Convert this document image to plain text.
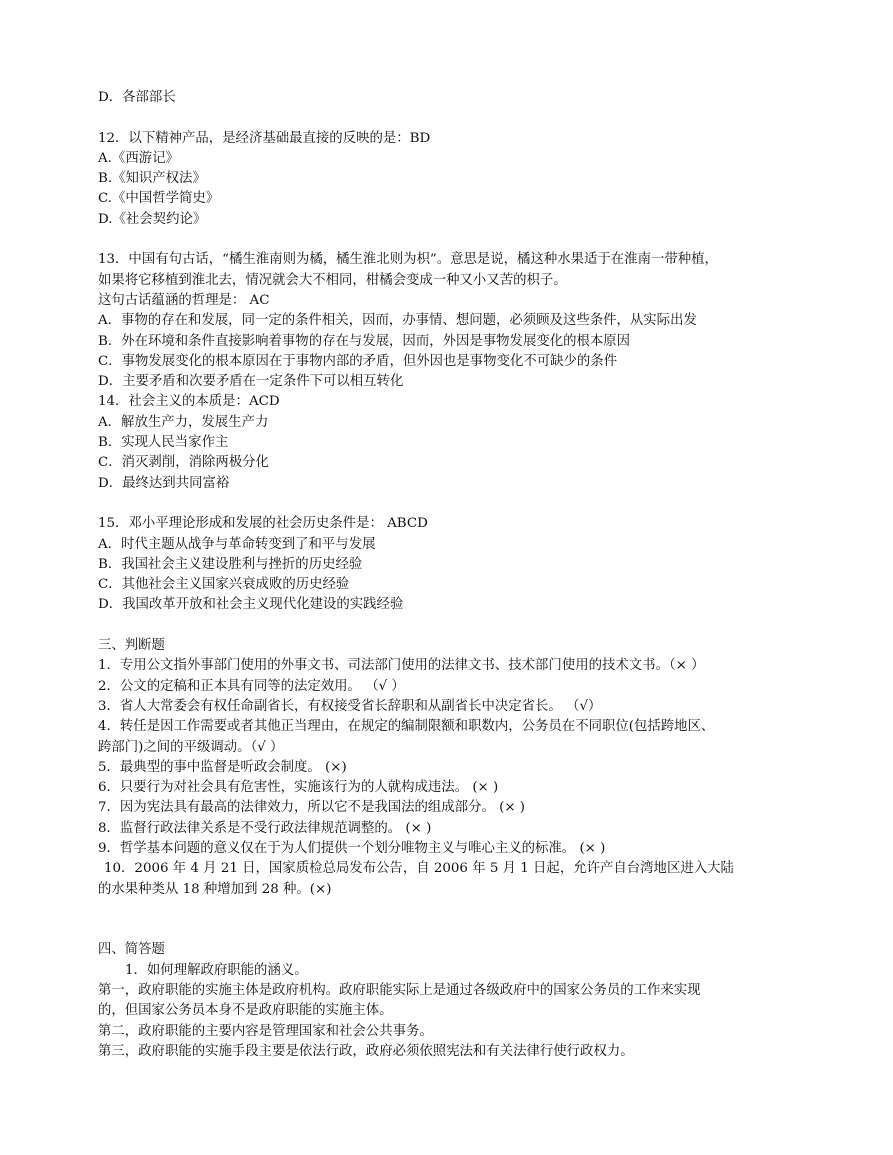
D．各部部长

12．以下精神产品，是经济基础最直接的反映的是：BD

A.《西游记》

B.《知识产权法》

C.《中国哲学简史》

D.《社会契约论》

13．中国有句古话，“橘生淮南则为橘，橘生淮北则为枳”。意思是说，橘这种水果适于在淮南一带种植，

如果将它移植到淮北去，情况就会大不相同，柑橘会变成一种又小又苦的枳子。

这句古话蕴涵的哲理是： AC

A．事物的存在和发展，同一定的条件相关，因而，办事情、想问题，必须顾及这些条件，从实际出发

B．外在环境和条件直接影响着事物的存在与发展，因而，外因是事物发展变化的根本原因

C．事物发展变化的根本原因在于事物内部的矛盾，但外因也是事物变化不可缺少的条件

D．主要矛盾和次要矛盾在一定条件下可以相互转化

14．社会主义的本质是：ACD

A．解放生产力，发展生产力

B．实现人民当家作主

C．消灭剥削，消除两极分化

D．最终达到共同富裕

15．邓小平理论形成和发展的社会历史条件是： ABCD

A．时代主题从战争与革命转变到了和平与发展

B．我国社会主义建设胜利与挫折的历史经验

C．其他社会主义国家兴衰成败的历史经验

D．我国改革开放和社会主义现代化建设的实践经验

三、判断题

1．专用公文指外事部门使用的外事文书、司法部门使用的法律文书、技术部门使用的技术文书。（× ）

2．公文的定稿和正本具有同等的法定效用。 （√ ）

3．省人大常委会有权任命副省长，有权接受省长辞职和从副省长中决定省长。 （√）

4．转任是因工作需要或者其他正当理由，在规定的编制限额和职数内，公务员在不同职位(包括跨地区、

跨部门)之间的平级调动。（√ ）

5．最典型的事中监督是听政会制度。 (×)

6．只要行为对社会具有危害性，实施该行为的人就构成违法。 (× )

7．因为宪法具有最高的法律效力，所以它不是我国法的组成部分。 (× )

8．监督行政法律关系是不受行政法律规范调整的。 (× )

9．哲学基本问题的意义仅在于为人们提供一个划分唯物主义与唯心主义的标准。 (× )

10．2006 年 4 月 21 日，国家质检总局发布公告，自 2006 年 5 月 1 日起，允许产自台湾地区进入大陆

的水果种类从 18 种增加到 28 种。(×)

四、简答题

1．如何理解政府职能的涵义。

第一，政府职能的实施主体是政府机构。政府职能实际上是通过各级政府中的国家公务员的工作来实现

的，但国家公务员本身不是政府职能的实施主体。

第二，政府职能的主要内容是管理国家和社会公共事务。

第三，政府职能的实施手段主要是依法行政，政府必须依照宪法和有关法律行使行政权力。
